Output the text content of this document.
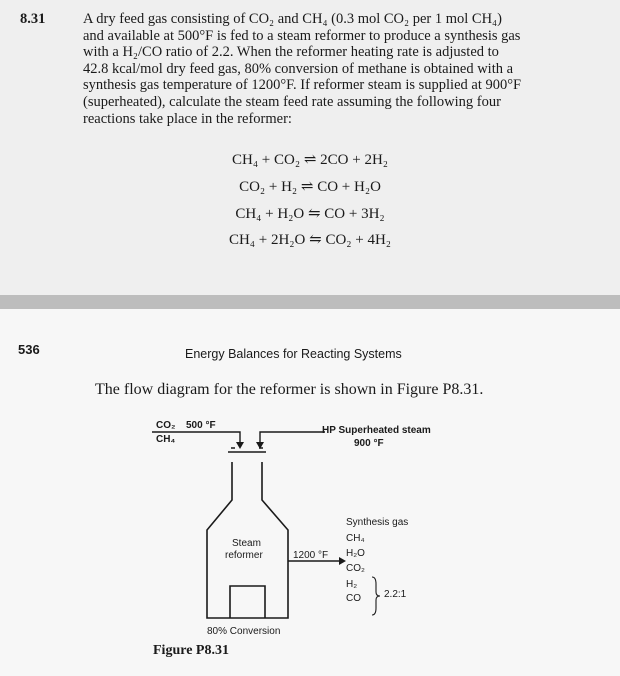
8.31	A dry feed gas consisting of CO₂ and CH₄ (0.3 mol CO₂ per 1 mol CH₄)
and available at 500°F is fed to a steam reformer to produce a synthesis gas
with a H₂/CO ratio of 2.2. When the reformer heating rate is adjusted to
42.8 kcal/mol dry feed gas, 80% conversion of methane is obtained with a
synthesis gas temperature of 1200°F. If reformer steam is supplied at 900°F
(superheated), calculate the steam feed rate assuming the following four
reactions take place in the reformer:
CH₄ + CO₂ ⇌ 2CO + 2H₂
CO₂ + H₂ ⇌ CO + H₂O
CH₄ + H₂O ⇋ CO + 3H₂
CH₄ + 2H₂O ⇋ CO₂ + 4H₂
536	Energy Balances for Reacting Systems
The flow diagram for the reformer is shown in Figure P8.31.
CO₂ 500 °F
CH₄
HP Superheated steam
900 °F
Steam
reformer	1200 °F
Synthesis gas
CH₄
H₂O
CO₂
H₂
CO 2.2:1
80% Conversion
Figure P8.31
